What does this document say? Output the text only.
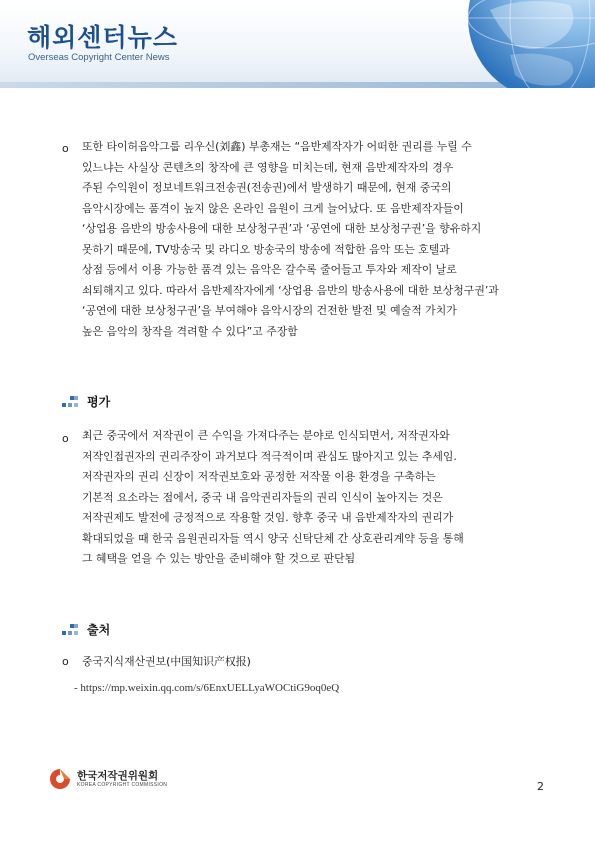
해외센터뉴스
Overseas Copyright Center News
o 또한 타이허음악그룹 리우신(刘鑫) 부총재는 “음반제작자가 어떠한 권리를 누릴 수
있느냐는 사실상 콘텐츠의 창작에 큰 영향을 미치는데, 현재 음반제작자의 경우
주된 수익원이 정보네트워크전송권(전송권)에서 발생하기 때문에, 현재 중국의
음악시장에는 품격이 높지 않은 온라인 음원이 크게 늘어났다. 또 음반제작자들이
‘상업용 음반의 방송사용에 대한 보상청구권’과 ‘공연에 대한 보상청구권’을 향유하지
못하기 때문에, TV방송국 및 라디오 방송국의 방송에 적합한 음악 또는 호텔과
상점 등에서 이용 가능한 품격 있는 음악은 갈수록 줄어들고 투자와 제작이 날로
쇠퇴해지고 있다. 따라서 음반제작자에게 ‘상업용 음반의 방송사용에 대한 보상청구권’과
‘공연에 대한 보상청구권’을 부여해야 음악시장의 건전한 발전 및 예술적 가치가
높은 음악의 창작을 격려할 수 있다”고 주장함
평가
o 최근 중국에서 저작권이 큰 수익을 가져다주는 분야로 인식되면서, 저작권자와
저작인접권자의 권리주장이 과거보다 적극적이며 관심도 많아지고 있는 추세임.
저작권자의 권리 신장이 저작권보호와 공정한 저작물 이용 환경을 구축하는
기본적 요소라는 점에서, 중국 내 음악권리자들의 권리 인식이 높아지는 것은
저작권제도 발전에 긍정적으로 작용할 것임. 향후 중국 내 음반제작자의 권리가
확대되었을 때 한국 음원권리자들 역시 양국 신탁단체 간 상호관리계약 등을 통해
그 혜택을 얻을 수 있는 방안을 준비해야 할 것으로 판단됨
출처
o 중국지식재산권보(中国知识产权报)
- https://mp.weixin.qq.com/s/6EnxUELLyaWOCtiG9oq0eQ
한국저작권위원회
KOREA COPYRIGHT COMMISSION	2
